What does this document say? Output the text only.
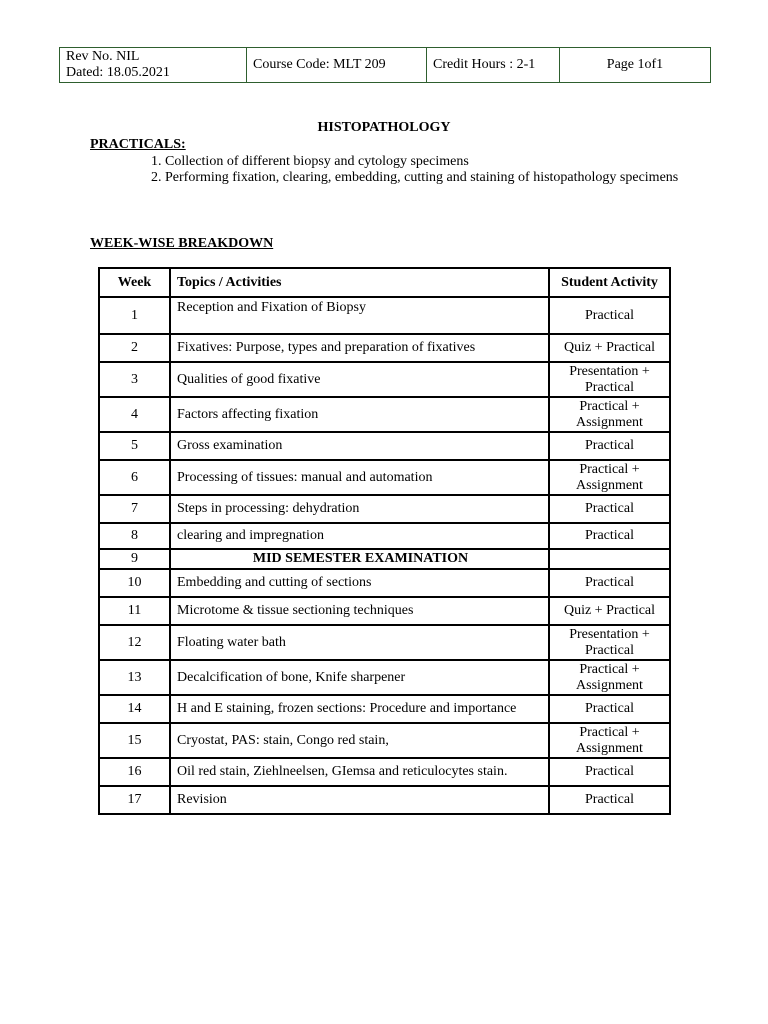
Rev No. NIL
Dated: 18.05.2021
	Course Code: MLT 209	Credit Hours : 2-1	Page 1of1
HISTOPATHOLOGY
PRACTICALS:
1. Collection of different biopsy and cytology specimens
2. Performing fixation, clearing, embedding, cutting and staining of histopathology specimens
WEEK-WISE BREAKDOWN
Week	Topics / Activities	Student Activity
1	Reception and Fixation of Biopsy	Practical

2	Fixatives: Purpose, types and preparation of fixatives	Quiz + Practical

3	Qualities of good fixative	Presentation +
Practical

4	Factors affecting fixation	Practical +
Assignment

5	Gross examination	Practical

6	Processing of tissues: manual and automation	Practical +
Assignment

7	Steps in processing: dehydration	Practical

8	clearing and impregnation	Practical

9	MID SEMESTER EXAMINATION	

10	Embedding and cutting of sections	Practical

11	Microtome & tissue sectioning techniques	Quiz + Practical

12	Floating water bath	Presentation +
Practical

13	Decalcification of bone, Knife sharpener	Practical +
Assignment

14	H and E staining, frozen sections: Procedure and importance	Practical

15	Cryostat, PAS: stain, Congo red stain,	Practical +
Assignment

16	Oil red stain, Ziehlneelsen, GIemsa and reticulocytes stain.	Practical

17	Revision	Practical
